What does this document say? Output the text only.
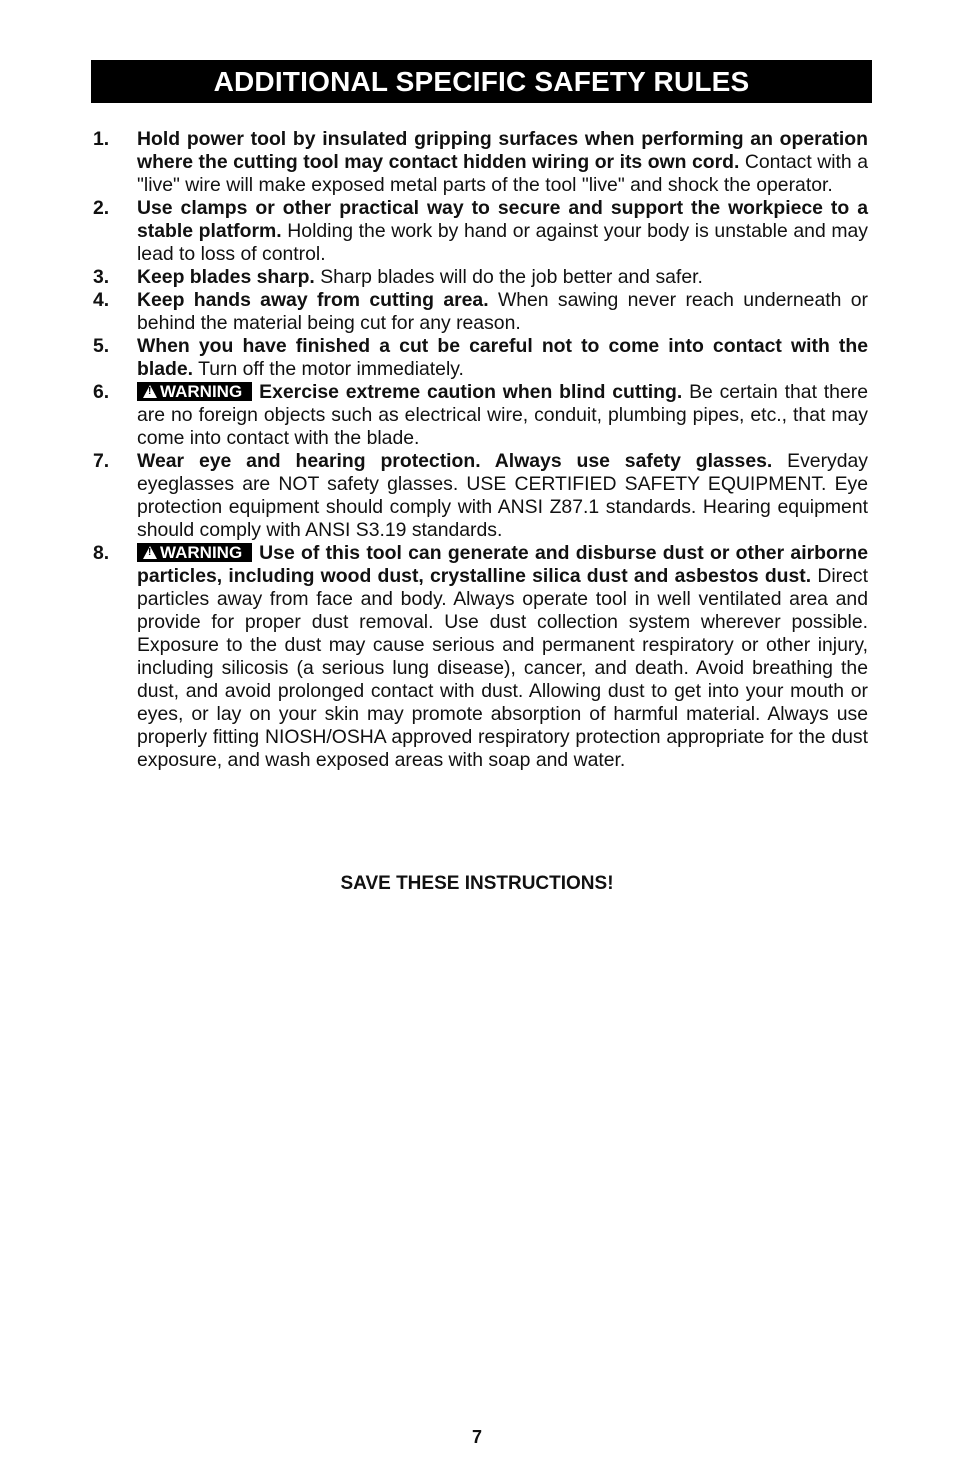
ADDITIONAL SPECIFIC SAFETY RULES
1. Hold power tool by insulated gripping surfaces when performing an operation where the cutting tool may contact hidden wiring or its own cord. Contact with a "live" wire will make exposed metal parts of the tool "live" and shock the operator.
2. Use clamps or other practical way to secure and support the workpiece to a stable platform. Holding the work by hand or against your body is unstable and may lead to loss of control.
3. Keep blades sharp. Sharp blades will do the job better and safer.
4. Keep hands away from cutting area. When sawing never reach underneath or behind the material being cut for any reason.
5. When you have finished a cut be careful not to come into contact with the blade. Turn off the motor immediately.
6. !	WARNING Exercise extreme caution when blind cutting. Be certain that there are no foreign objects such as electrical wire, conduit, plumbing pipes, etc., that may come into contact with the blade.
7. Wear eye and hearing protection. Always use safety glasses. Everyday eyeglasses are NOT safety glasses. USE CERTIFIED SAFETY EQUIPMENT. Eye protection equipment should comply with ANSI Z87.1 standards. Hearing equipment should comply with ANSI S3.19 standards.
8. !	WARNING Use of this tool can generate and disburse dust or other airborne particles, including wood dust, crystalline silica dust and asbestos dust. Direct particles away from face and body. Always operate tool in well ventilated area and provide for proper dust removal. Use dust collection system wherever possible. Exposure to the dust may cause serious and permanent respiratory or other injury, including silicosis (a serious lung disease), cancer, and death. Avoid breathing the dust, and avoid prolonged contact with dust. Allowing dust to get into your mouth or eyes, or lay on your skin may promote absorption of harmful material. Always use properly fitting NIOSH/OSHA approved respiratory protection appropriate for the dust exposure, and wash exposed areas with soap and water.
SAVE THESE INSTRUCTIONS!
7
